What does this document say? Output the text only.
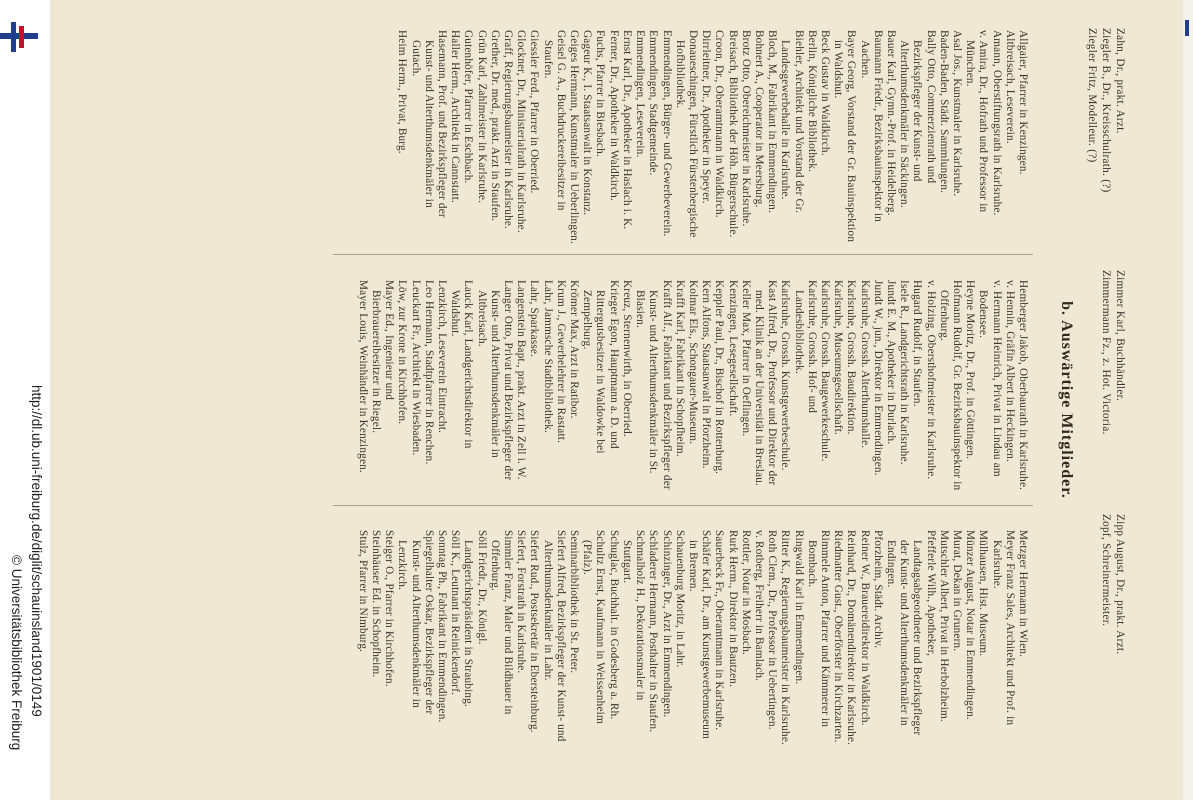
http://dl.ub.uni-freiburg.de/diglit/schauinsland1901/0149
© Universitätsbibliothek Freiburg

Zahn, Dr., prakt. Arzt.

Ziegler B., Dr., Kreisschulrath. (?)

Ziegler Fritz, Modelleur. (?)

Zimmer Karl, Buchhändler.

Zimmermann Fz., z. Hot. Victoria.

Zipp August, Dr., prakt. Arzt.

Zopf, Schreinermeister.

b. Auswärtige Mitglieder.

Allgaier, Pfarrer in Kenzingen.

Altbreisach, Leseverein.

Amann, Oberstiftungsrath in Karlsruhe.

v. Amira, Dr., Hofrath und Professor in München.

Asal Jos., Kunstmaler in Karlsruhe.

Baden-Baden, Städt. Sammlungen.

Bally Otto, Commerzienrath und Bezirkspfleger der Kunst- und Alterthumsdenkmäler in Säckingen.

Bauer Karl, Gymn.-Prof. in Heidelberg.

Baumann Friedr., Bezirksbauinspektor in Aachen.

Bayer Georg, Vorstand der Gr. Bauinspektion in Waldshut.

Beck Gustav in Waldkirch.

Berlin, Königliche Bibliothek.

Biehler, Architekt und Vorstand der Gr. Landesgewerbehalle in Karlsruhe.

Bloch, M., Fabrikant in Emmendingen.

Bohnert A., Cooperator in Meersburg.

Brotz Otto, Obereichmeister in Karlsruhe.

Breisach, Bibliothek der Höh. Bürgerschule.

Croon, Dr., Oberamtmann in Waldkirch.

Dirrleitner, Dr., Apotheker in Speyer.

Donaueschingen, Fürstlich Fürstenbergische Hofbibliothek.

Emmendingen, Bürger- und Gewerbeverein.

Emmendingen, Stadtgemeinde.

Emmendingen, Leseverein.

Ernst Karl, Dr., Apotheker in Haslach i. K.

Ferner, Dr., Apotheker in Waldkirch.

Fuchs, Pfarrer in Biesbach.

Gageur K., I. Staatsanwalt in Konstanz.

Geiges Hermann, Kunstmaler in Ueberlingen.

Geisel G. A., Buchdruckereibesitzer in Staufen.

Giessler Ferd., Pfarrer in Oberried.

Glockner, Dr., Ministerialrath in Karlsruhe.

Graff, Regierungsbaumeister in Karlsruhe.

Grether, Dr. med., prakt. Arzt in Staufen.

Grün Karl, Zahlmeister in Karlsruhe.

Gutenhöfer, Pfarrer in Eschbach.

Haller Herm., Architekt in Cannstatt.

Hasemann, Prof. und Bezirkspfleger der Kunst- und Alterthumsdenkmäler in Gutach.

Heim Herm., Privat, Burg.

Hemberger Jakob, Oberbaurath in Karlsruhe.

v. Hennin, Gräfin Albert in Heckingen.

v. Hermann Heinrich, Privat in Lindau am Bodensee.

Heyne Moritz, Dr., Prof. in Göttingen.

Hofmann Rudolf, Gr. Bezirksbauinspektor in Offenburg.

v. Holzing, Obersthofmeister in Karlsruhe.

Hugard Rudolf, in Staufen.

Isele R., Landgerichtsrath in Karlsruhe.

Jundt E. M., Apotheker in Durlach.

Jundt W., jun., Direktor in Emmendingen.

Karlsruhe, Grossh. Alterthumshalle.

Karlsruhe, Grossh. Baudirektion.

Karlsruhe, Museumsgesellschaft.

Karlsruhe, Grossh. Baugewerkeschule.

Karlsruhe, Grossh. Hof- und Landesbibliothek.

Karlsruhe, Grossh. Kunstgewerbeschule.

Kast Alfred, Dr., Professor und Direktor der med. Klinik an der Universität in Breslau.

Keller Max, Pfarrer in Oeflingen.

Kenzingen, Lesegesellschaft.

Keppler Paul, Dr., Bischof in Rottenburg.

Kern Alfons, Staatsanwalt in Pforzheim.

Kolmar Els., Schongauer-Museum.

Krafft Karl, Fabrikant in Schopfheim.

Krafft Alf., Fabrikant und Bezirkspfleger der Kunst- und Alterthumsdenkmäler in St. Blasien.

Kreuz, Sternenwirth, in Oberried.

Krieger Egon, Hauptmann a. D. und Rittergutsbesitzer in Waldowke bei Zempelburg.

Krömer Max, Arzt in Ratibor.

Krum J., Gewerbelehrer in Rastatt.

Lahr, Jammsche Stadtbibliothek.

Lahr, Sparkasse.

Langenstein Bapt., prakt. Arzt in Zell i. W.

Langer Otto, Privat und Bezirkspfleger der Kunst- und Alterthumsdenkmäler in Altbreisach.

Lauck Karl, Landgerichtsdirektor in Waldshut.

Lenzkirch, Leseverein Eintracht.

Leo Hermann, Stadtpfarrer in Renchen.

Leuckart Fr., Architekt in Wiesbaden.

Löw, zur Krone in Kirchhofen.

Mayer Ed., Ingenieur und Bierbrauereibesitzer in Riegel.

Mayer Louis, Weinhändler in Kenzingen.

Metzger Hermann in Wien.

Meyer Franz Sales, Architekt und Prof. in Karlsruhe.

Mülhausen, Hist. Museum.

Münzer August, Notar in Emmendingen.

Murat, Dekan in Grunern.

Mutschler Albert, Privat in Herbolzheim.

Pfefferle Wilh., Apotheker, Landtagsabgeordneter und Bezirkspfleger der Kunst- und Alterthumsdenkmäler in Endingen.

Pforzheim, Städt. Archiv.

Reiner W., Brauereidirektor in Waldkirch.

Reinhard, Dr., Domänendirektor in Karlsruhe.

Riedmatter Gust., Oberförster in Kirchzarten.

Rimmele Anton, Pfarrer und Kämmerer in Bombach.

Ringwald Karl in Emmendingen.

Ritter K., Regierungsbaumeister in Karlsruhe.

Roth Clem., Dr., Professor in Uebertingen.

v. Rotberg, Freiherr in Bamlach.

Rottler, Notar in Mosbach.

Rurk Herm., Direktor in Bautzen.

Sauerbeck Fr., Oberamtmann in Karlsruhe.

Schäfer Karl, Dr., am Kunstgewerbemuseum in Bremen.

Schauenburg Moritz, in Lahr.

Schinzinger, Dr., Arzt in Emmendingen.

Schladerer Hermann, Posthalter in Staufen.

Schmalholz H., Dekorationsmaler in Stuttgart.

Schuglac, Buchhalt. in Godesberg a. Rh.

Schultz Ernst, Kaufmann in Weissenheim (Pfalz).

Seminarbibliothek in St. Peter.

Siefert Alfred, Bezirkspfleger der Kunst- und Alterthumsdenkmäler in Lahr.

Siefert Rud., Postsekretär in Ebersteinburg.

Siefert, Forstrath in Karlsruhe.

Simmler Franz, Maler und Bildhauer in Offenburg.

Söll Friedr., Dr., Königl. Landgerichtspräsident in Straubing.

Söll K., Leutnant in Reinickendorf.

Sonntag Ph., Fabrikant in Emmendingen.

Spiegelhalter Oskar, Bezirkspfleger der Kunst- und Alterthumsdenkmäler in Lenzkirch.

Steiger O., Pfarrer in Kirchhofen.

Steinhäuser Ed. in Schopfheim.

Stulz, Pfarrer in Nimburg.
